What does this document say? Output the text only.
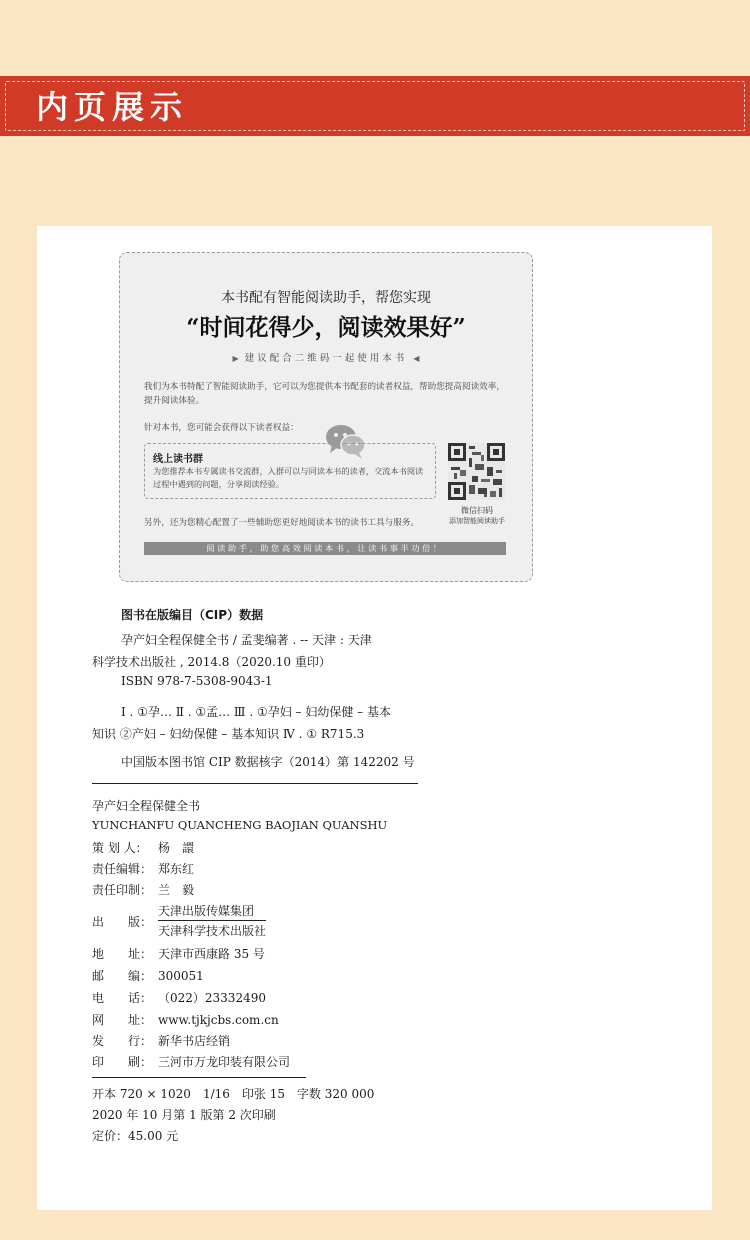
内页展示
本书配有智能阅读助手，帮您实现
“时间花得少，阅读效果好”
▶ 建议配合二维码一起使用本书 ◀
我们为本书特配了智能阅读助手，它可以为您提供本书配套的读者权益，帮助您提高阅读效率，提升阅读体验。
针对本书，您可能会获得以下读者权益：
线上读书群
为您推荐本书专属读书交流群，入群可以与同读本书的读者，交流本书阅读过程中遇到的问题，分享阅读经验。
微信扫码
添加智能阅读助手
另外，还为您精心配置了一些辅助您更好地阅读本书的读书工具与服务。
阅读助手，助您高效阅读本书，让读书事半功倍！
图书在版编目（CIP）数据
孕产妇全程保健全书 / 孟斐编著 . -- 天津 : 天津
科学技术出版社 , 2014.8（2020.10 重印）
ISBN 978-7-5308-9043-1
Ⅰ . ①孕… Ⅱ . ①孟… Ⅲ . ①孕妇 – 妇幼保健 – 基本
知识 ②产妇 – 妇幼保健 – 基本知识 Ⅳ . ① R715.3
中国版本图书馆 CIP 数据核字（2014）第 142202 号
孕产妇全程保健全书
YUNCHANFU QUANCHENG BAOJIAN QUANSHU
策 划 人： 杨　譞
责任编辑： 郑东红
责任印制： 兰　毅
出　　版：
天津出版传媒集团
天津科学技术出版社
地　　址： 天津市西康路 35 号
邮　　编： 300051
电　　话： （022）23332490
网　　址： www.tjkjcbs.com.cn
发　　行： 新华书店经销
印　　刷： 三河市万龙印装有限公司
开本 720 × 1020　1/16　印张 15　字数 320 000
2020 年 10 月第 1 版第 2 次印刷
定价：45.00 元
